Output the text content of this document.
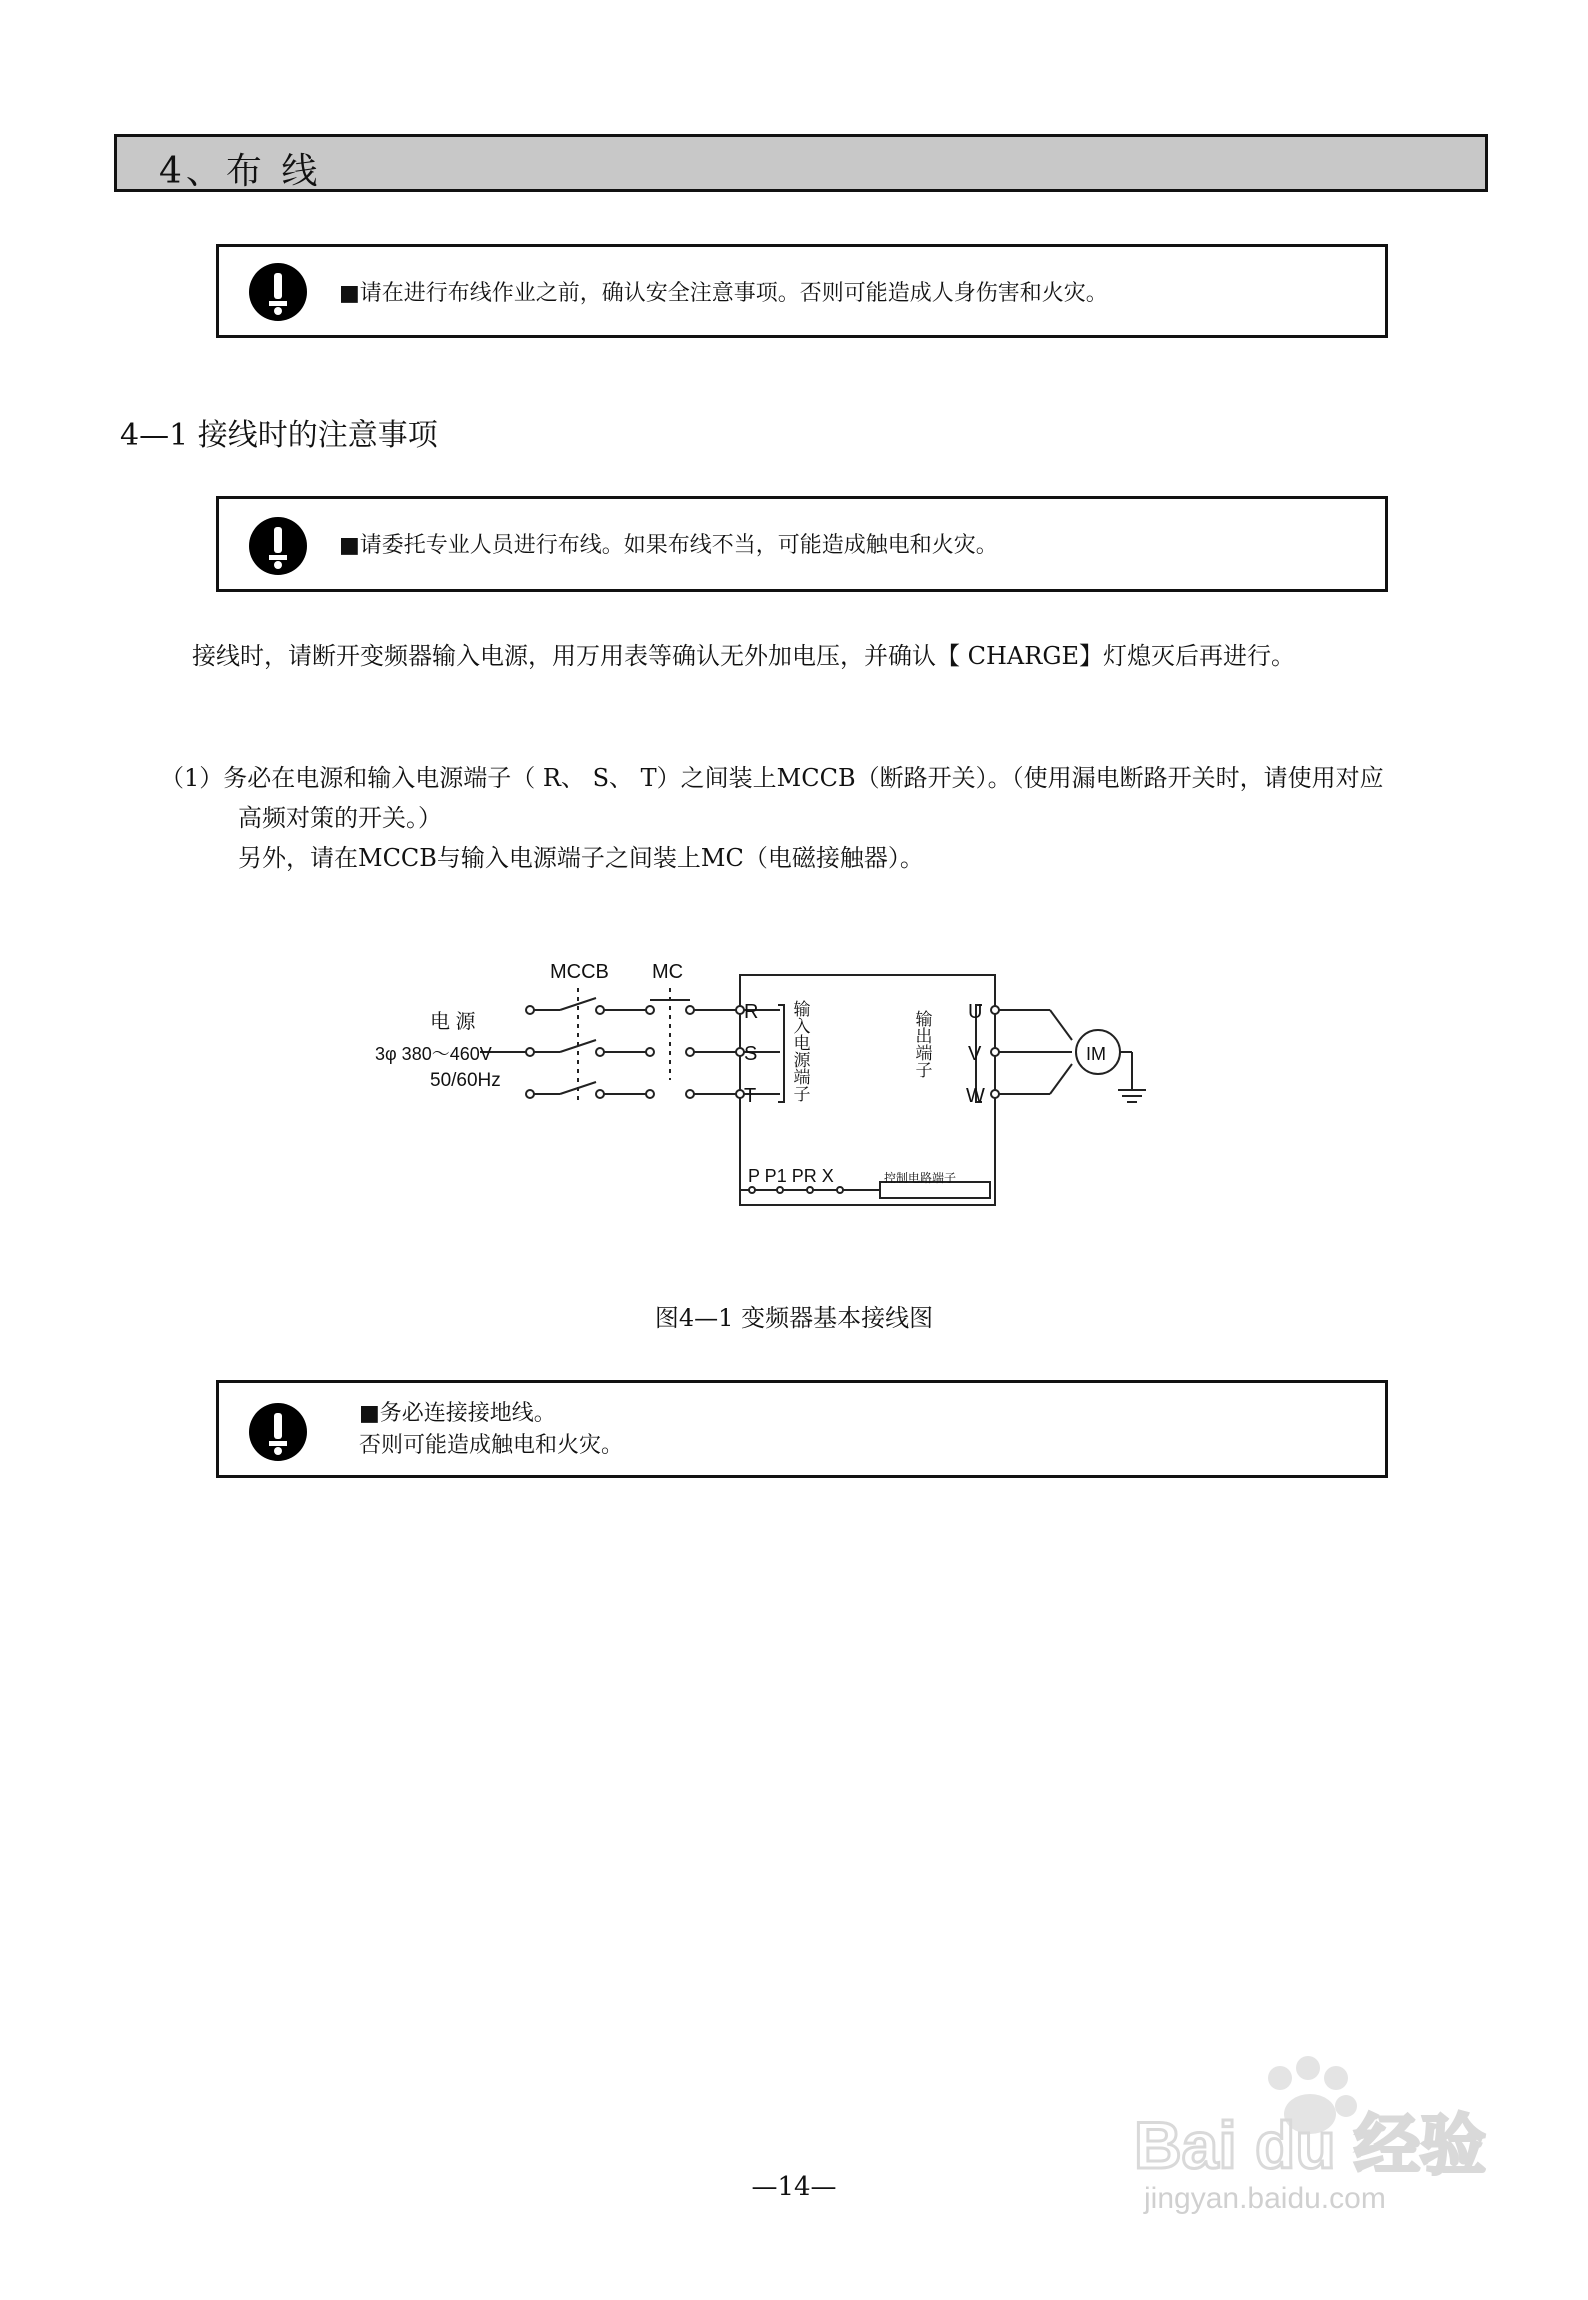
4、布 线
■请在进行布线作业之前，确认安全注意事项。否则可能造成人身伤害和火灾。
4—1 接线时的注意事项
■请委托专业人员进行布线。如果布线不当，可能造成触电和火灾。
接线时，请断开变频器输入电源，用万用表等确认无外加电压，并确认【 CHARGE】灯熄灭后再进行。
（1）务必在电源和输入电源端子（ R、 S、 T）之间装上MCCB（断路开关）。（使用漏电断路开关时，请使用对应
高频对策的开关。）
另外，请在MCCB与输入电源端子之间装上MC（电磁接触器）。
MCCB MC
电 源
3φ 380～460V
50/60Hz
R
S
T
U
V
W
IM
P P1 PR X	控制电路端子
输入电源端子	输出端子
图4—1 变频器基本接线图
■务必连接接地线。
否则可能造成触电和火灾。
—14—
Bai du 经验
jingyan.baidu.com
